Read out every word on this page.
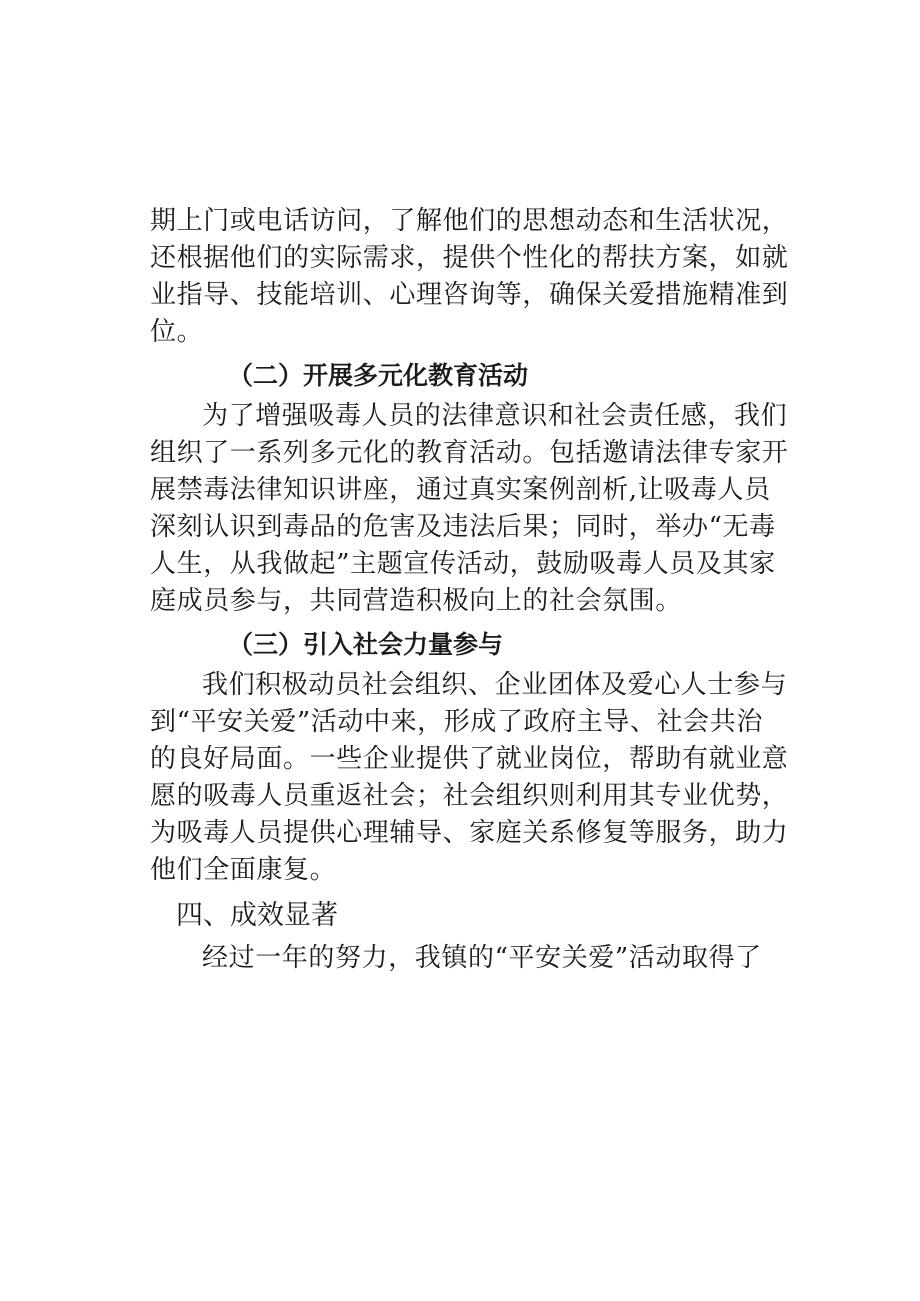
期上门或电话访问，了解他们的思想动态和生活状况，
还根据他们的实际需求，提供个性化的帮扶方案，如就
业指导、技能培训、心理咨询等，确保关爱措施精准到
位。
（二）开展多元化教育活动
为了增强吸毒人员的法律意识和社会责任感，我们
组织了一系列多元化的教育活动。包括邀请法律专家开
展禁毒法律知识讲座，通过真实案例剖析,让吸毒人员
深刻认识到毒品的危害及违法后果；同时，举办“无毒
人生，从我做起”主题宣传活动，鼓励吸毒人员及其家
庭成员参与，共同营造积极向上的社会氛围。
（三）引入社会力量参与
我们积极动员社会组织、企业团体及爱心人士参与
到“平安关爱”活动中来，形成了政府主导、社会共治
的良好局面。一些企业提供了就业岗位，帮助有就业意
愿的吸毒人员重返社会；社会组织则利用其专业优势，
为吸毒人员提供心理辅导、家庭关系修复等服务，助力
他们全面康复。
四、成效显著
经过一年的努力，我镇的“平安关爱”活动取得了
